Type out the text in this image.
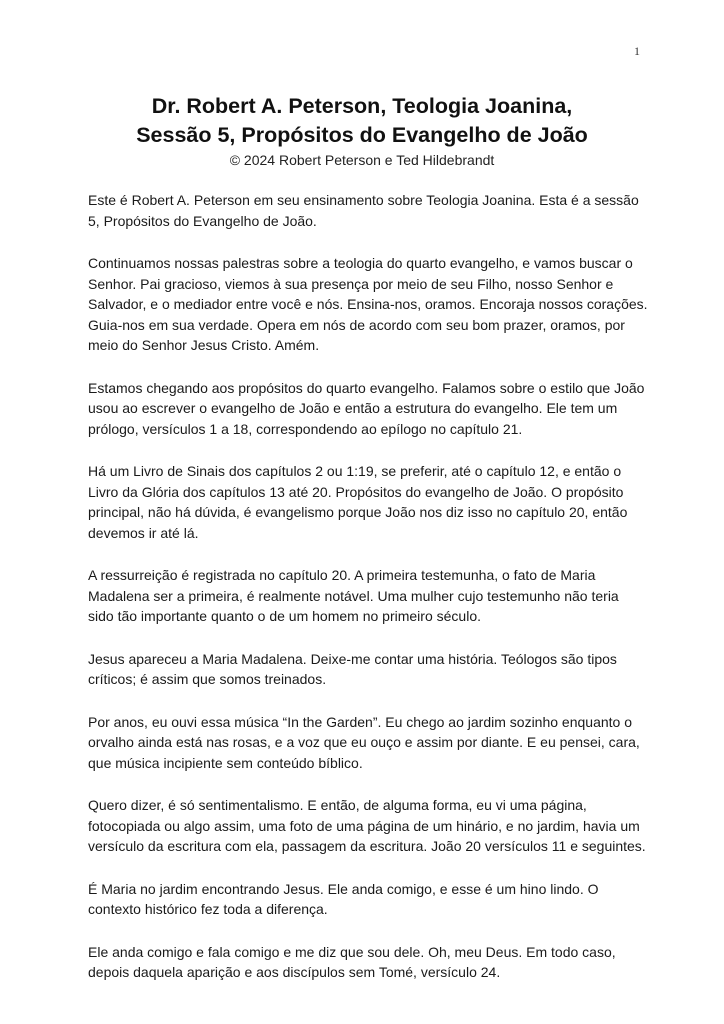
1
Dr. Robert A. Peterson, Teologia Joanina,
Sessão 5, Propósitos do Evangelho de João
© 2024 Robert Peterson e Ted Hildebrandt

Este é Robert A. Peterson em seu ensinamento sobre Teologia Joanina. Esta é a sessão 5, Propósitos do Evangelho de João.

Continuamos nossas palestras sobre a teologia do quarto evangelho, e vamos buscar o Senhor. Pai gracioso, viemos à sua presença por meio de seu Filho, nosso Senhor e Salvador, e o mediador entre você e nós. Ensina-nos, oramos. Encoraja nossos corações. Guia-nos em sua verdade. Opera em nós de acordo com seu bom prazer, oramos, por meio do Senhor Jesus Cristo. Amém.

Estamos chegando aos propósitos do quarto evangelho. Falamos sobre o estilo que João usou ao escrever o evangelho de João e então a estrutura do evangelho. Ele tem um prólogo, versículos 1 a 18, correspondendo ao epílogo no capítulo 21.

Há um Livro de Sinais dos capítulos 2 ou 1:19, se preferir, até o capítulo 12, e então o Livro da Glória dos capítulos 13 até 20. Propósitos do evangelho de João. O propósito principal, não há dúvida, é evangelismo porque João nos diz isso no capítulo 20, então devemos ir até lá.

A ressurreição é registrada no capítulo 20. A primeira testemunha, o fato de Maria Madalena ser a primeira, é realmente notável. Uma mulher cujo testemunho não teria sido tão importante quanto o de um homem no primeiro século.

Jesus apareceu a Maria Madalena. Deixe-me contar uma história. Teólogos são tipos críticos; é assim que somos treinados.

Por anos, eu ouvi essa música “In the Garden”. Eu chego ao jardim sozinho enquanto o orvalho ainda está nas rosas, e a voz que eu ouço e assim por diante. E eu pensei, cara, que música incipiente sem conteúdo bíblico.

Quero dizer, é só sentimentalismo. E então, de alguma forma, eu vi uma página, fotocopiada ou algo assim, uma foto de uma página de um hinário, e no jardim, havia um versículo da escritura com ela, passagem da escritura. João 20 versículos 11 e seguintes.

É Maria no jardim encontrando Jesus. Ele anda comigo, e esse é um hino lindo. O contexto histórico fez toda a diferença.

Ele anda comigo e fala comigo e me diz que sou dele. Oh, meu Deus. Em todo caso, depois daquela aparição e aos discípulos sem Tomé, versículo 24.
